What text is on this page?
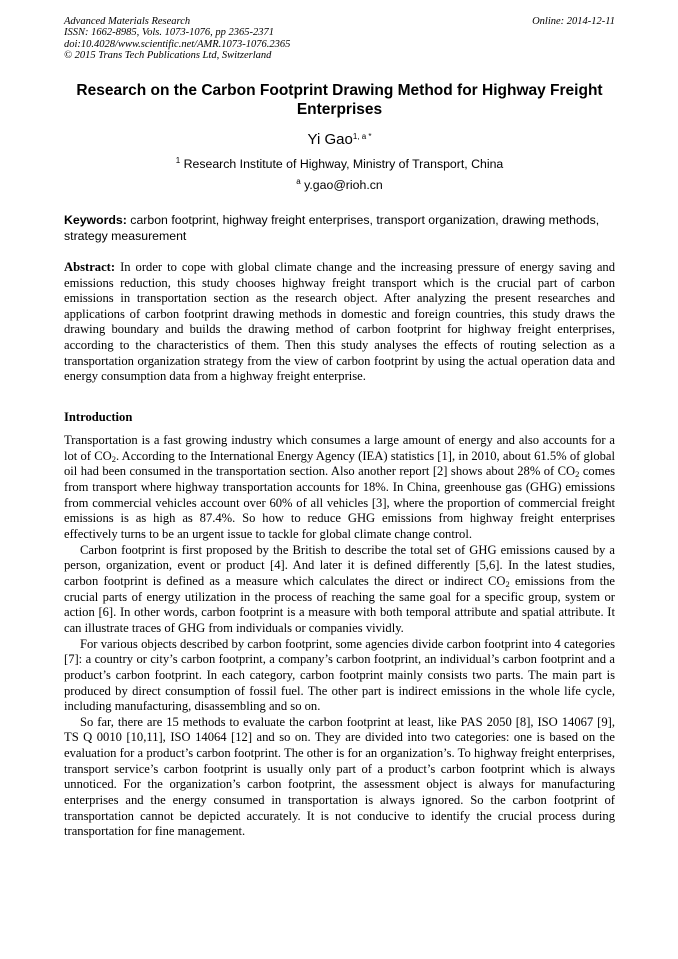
Advanced Materials Research
ISSN: 1662-8985, Vols. 1073-1076, pp 2365-2371
doi:10.4028/www.scientific.net/AMR.1073-1076.2365
© 2015 Trans Tech Publications Ltd, Switzerland
Online: 2014-12-11
Research on the Carbon Footprint Drawing Method for Highway Freight Enterprises
Yi Gao$^{1, a *}$
$^1$ Research Institute of Highway, Ministry of Transport, China
$^a$ y.gao@rioh.cn
Keywords: carbon footprint, highway freight enterprises, transport organization, drawing methods, strategy measurement
Abstract: In order to cope with global climate change and the increasing pressure of energy saving and emissions reduction, this study chooses highway freight transport which is the crucial part of carbon emissions in transportation section as the research object. After analyzing the present researches and applications of carbon footprint drawing methods in domestic and foreign countries, this study draws the drawing boundary and builds the drawing method of carbon footprint for highway freight enterprises, according to the characteristics of them. Then this study analyses the effects of routing selection as a transportation organization strategy from the view of carbon footprint by using the actual operation data and energy consumption data from a highway freight enterprise.
Introduction

Transportation is a fast growing industry which consumes a large amount of energy and also accounts for a lot of $CO_2$. According to the International Energy Agency (IEA) statistics [1], in 2010, about 61.5% of global oil had been consumed in the transportation section. Also another report [2] shows about 28% of $CO_2$ comes from transport where highway transportation accounts for 18%. In China, greenhouse gas (GHG) emissions from commercial vehicles account over 60% of all vehicles [3], where the proportion of commercial freight emissions is as high as 87.4%. So how to reduce GHG emissions from highway freight enterprises effectively turns to be an urgent issue to tackle for global climate change control.

Carbon footprint is first proposed by the British to describe the total set of GHG emissions caused by a person, organization, event or product [4]. And later it is defined differently [5,6]. In the latest studies, carbon footprint is defined as a measure which calculates the direct or indirect $CO_2$ emissions from the crucial parts of energy utilization in the process of reaching the same goal for a specific group, system or action [6]. In other words, carbon footprint is a measure with both temporal attribute and spatial attribute. It can illustrate traces of GHG from individuals or companies vividly.

For various objects described by carbon footprint, some agencies divide carbon footprint into 4 categories [7]: a country or city’s carbon footprint, a company’s carbon footprint, an individual’s carbon footprint and a product’s carbon footprint. In each category, carbon footprint mainly consists two parts. The main part is produced by direct consumption of fossil fuel. The other part is indirect emissions in the whole life cycle, including manufacturing, disassembling and so on.

So far, there are 15 methods to evaluate the carbon footprint at least, like PAS 2050 [8], ISO 14067 [9], TS Q 0010 [10,11], ISO 14064 [12] and so on. They are divided into two categories: one is based on the evaluation for a product’s carbon footprint. The other is for an organization’s. To highway freight enterprises, transport service’s carbon footprint is usually only part of a product’s carbon footprint which is always unnoticed. For the organization’s carbon footprint, the assessment object is always for manufacturing enterprises and the energy consumed in transportation is always ignored. So the carbon footprint of transportation cannot be depicted accurately. It is not conducive to identify the crucial process during transportation for fine management.
